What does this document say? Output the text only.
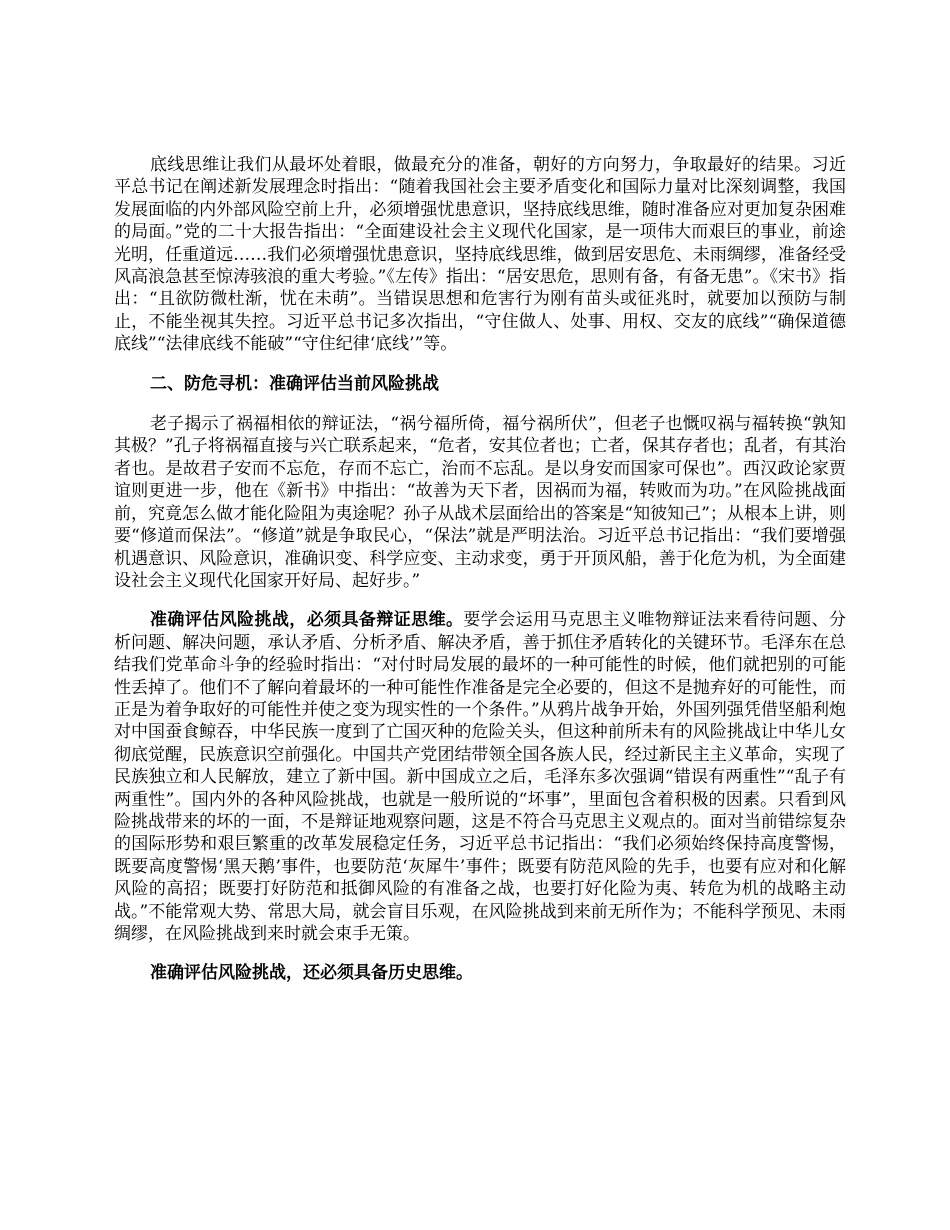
底线思维让我们从最坏处着眼，做最充分的准备，朝好的方向努力，争取最好的结果。习近平总书记在阐述新发展理念时指出：“随着我国社会主要矛盾变化和国际力量对比深刻调整，我国发展面临的内外部风险空前上升，必须增强忧患意识，坚持底线思维，随时准备应对更加复杂困难的局面。”党的二十大报告指出：“全面建设社会主义现代化国家，是一项伟大而艰巨的事业，前途光明，任重道远……我们必须增强忧患意识，坚持底线思维，做到居安思危、未雨绸缪，准备经受风高浪急甚至惊涛骇浪的重大考验。”《左传》指出：“居安思危，思则有备，有备无患”。《宋书》指出：“且欲防微杜渐，忧在未萌”。当错误思想和危害行为刚有苗头或征兆时，就要加以预防与制止，不能坐视其失控。习近平总书记多次指出，“守住做人、处事、用权、交友的底线”“确保道德底线”“法律底线不能破”“守住纪律‘底线’”等。

二、防危寻机：准确评估当前风险挑战

老子揭示了祸福相依的辩证法，“祸兮福所倚，福兮祸所伏”，但老子也慨叹祸与福转换“孰知其极？”孔子将祸福直接与兴亡联系起来，“危者，安其位者也；亡者，保其存者也；乱者，有其治者也。是故君子安而不忘危，存而不忘亡，治而不忘乱。是以身安而国家可保也”。西汉政论家贾谊则更进一步，他在《新书》中指出：“故善为天下者，因祸而为福，转败而为功。”在风险挑战面前，究竟怎么做才能化险阻为夷途呢？孙子从战术层面给出的答案是“知彼知己”；从根本上讲，则要“修道而保法”。“修道”就是争取民心，“保法”就是严明法治。习近平总书记指出：“我们要增强机遇意识、风险意识，准确识变、科学应变、主动求变，勇于开顶风船，善于化危为机，为全面建设社会主义现代化国家开好局、起好步。”

准确评估风险挑战，必须具备辩证思维。要学会运用马克思主义唯物辩证法来看待问题、分析问题、解决问题，承认矛盾、分析矛盾、解决矛盾，善于抓住矛盾转化的关键环节。毛泽东在总结我们党革命斗争的经验时指出：“对付时局发展的最坏的一种可能性的时候，他们就把别的可能性丢掉了。他们不了解向着最坏的一种可能性作准备是完全必要的，但这不是抛弃好的可能性，而正是为着争取好的可能性并使之变为现实性的一个条件。”从鸦片战争开始，外国列强凭借坚船利炮对中国蚕食鲸吞，中华民族一度到了亡国灭种的危险关头，但这种前所未有的风险挑战让中华儿女彻底觉醒，民族意识空前强化。中国共产党团结带领全国各族人民，经过新民主主义革命，实现了民族独立和人民解放，建立了新中国。新中国成立之后，毛泽东多次强调“错误有两重性”“乱子有两重性”。国内外的各种风险挑战，也就是一般所说的“坏事”，里面包含着积极的因素。只看到风险挑战带来的坏的一面，不是辩证地观察问题，这是不符合马克思主义观点的。面对当前错综复杂的国际形势和艰巨繁重的改革发展稳定任务，习近平总书记指出：“我们必须始终保持高度警惕，既要高度警惕‘黑天鹅’事件，也要防范‘灰犀牛’事件；既要有防范风险的先手，也要有应对和化解风险的高招；既要打好防范和抵御风险的有准备之战，也要打好化险为夷、转危为机的战略主动战。”不能常观大势、常思大局，就会盲目乐观，在风险挑战到来前无所作为；不能科学预见、未雨绸缪，在风险挑战到来时就会束手无策。

准确评估风险挑战，还必须具备历史思维。
